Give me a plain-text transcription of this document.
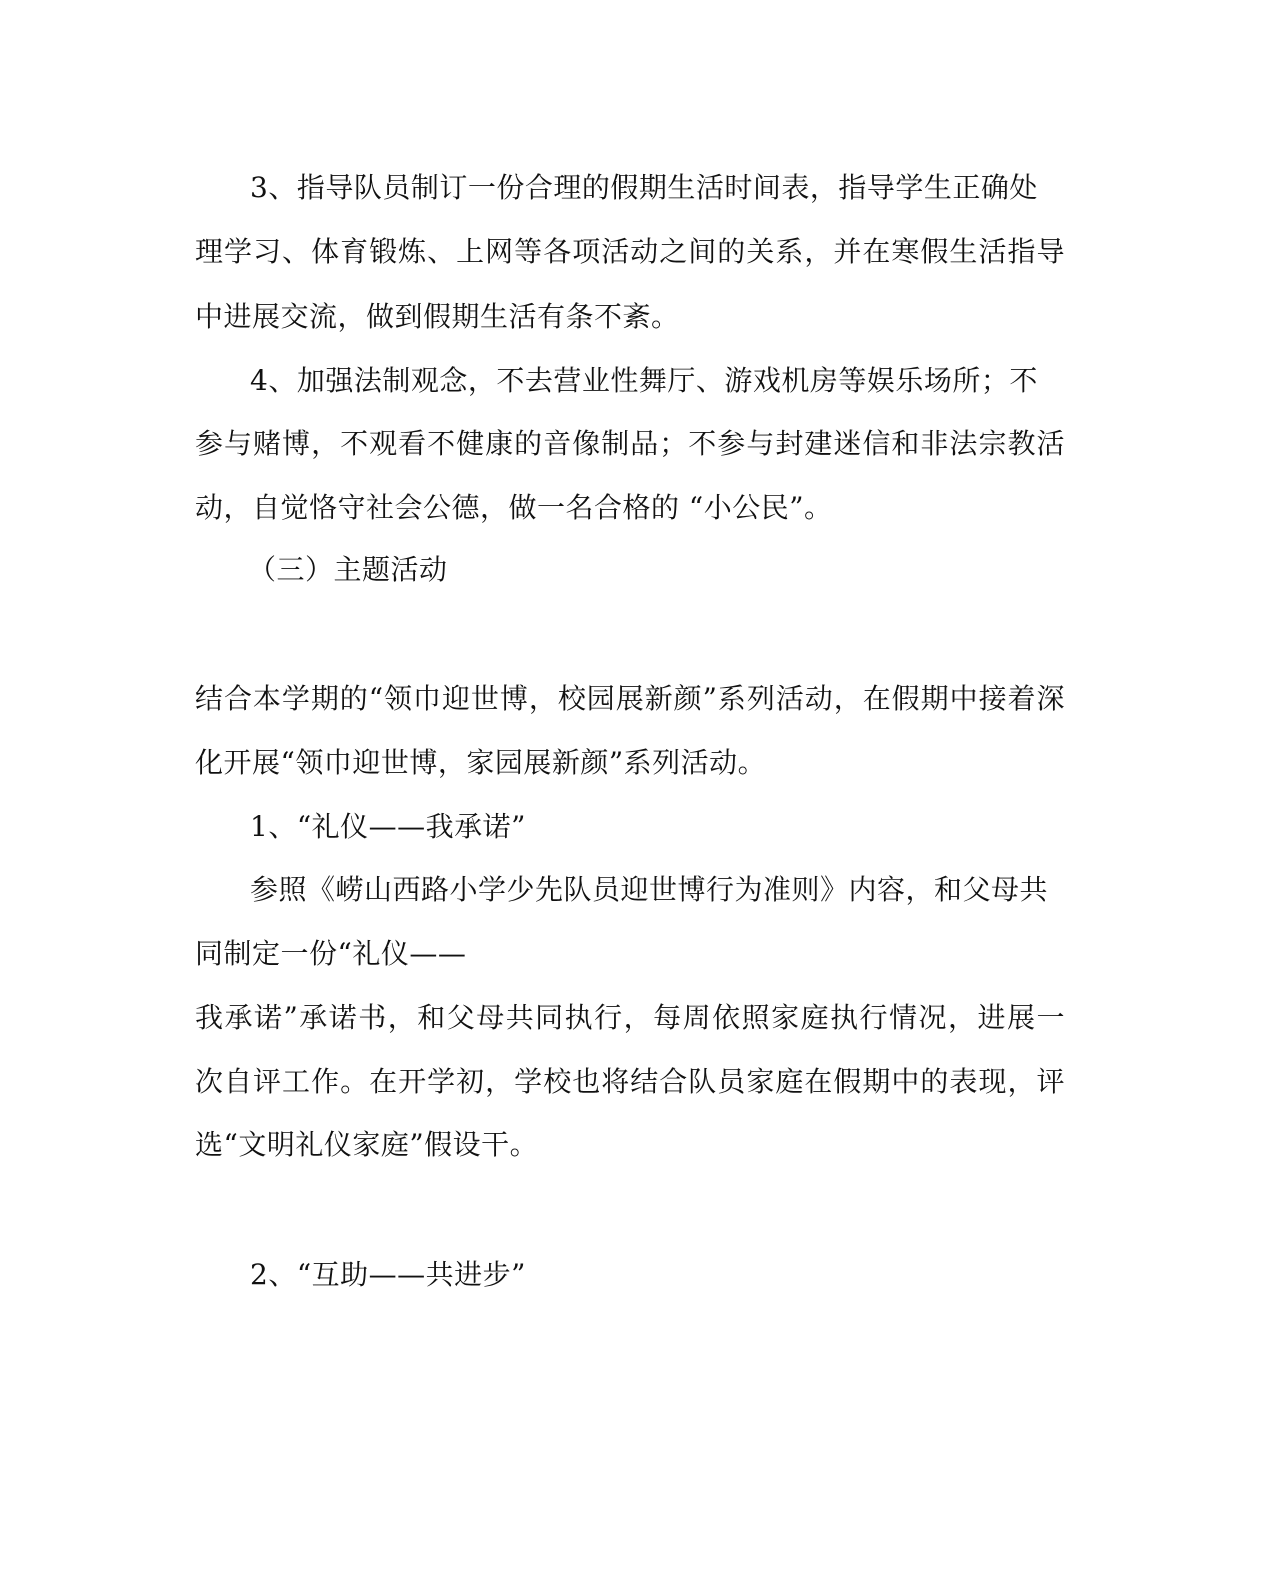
3、指导队员制订一份合理的假期生活时间表，指导学生正确处
理学习、体育锻炼、上网等各项活动之间的关系，并在寒假生活指导
中进展交流，做到假期生活有条不紊。
4、加强法制观念，不去营业性舞厅、游戏机房等娱乐场所；不
参与赌博，不观看不健康的音像制品；不参与封建迷信和非法宗教活
动，自觉恪守社会公德，做一名合格的 “小公民”。
（三）主题活动
结合本学期的“领巾迎世博，校园展新颜”系列活动，在假期中接着深
化开展“领巾迎世博，家园展新颜”系列活动。
1、“礼仪——我承诺”
参照《崂山西路小学少先队员迎世博行为准则》内容，和父母共
同制定一份“礼仪——
我承诺”承诺书，和父母共同执行，每周依照家庭执行情况，进展一
次自评工作。在开学初，学校也将结合队员家庭在假期中的表现，评
选“文明礼仪家庭”假设干。
2、“互助——共进步”
